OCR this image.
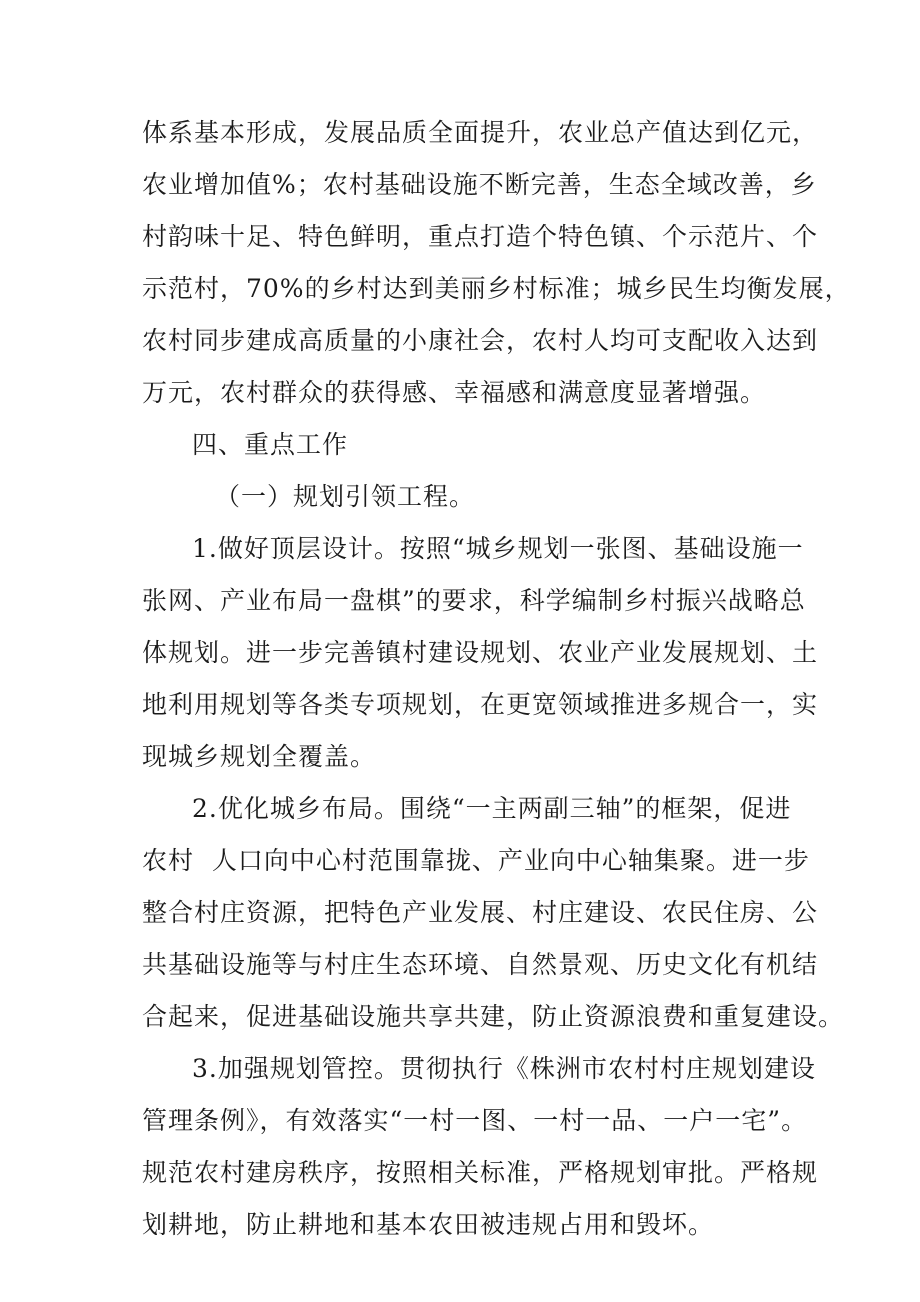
体系基本形成，发展品质全面提升，农业总产值达到亿元，
农业增加值%；农村基础设施不断完善，生态全域改善，乡
村韵味十足、特色鲜明，重点打造个特色镇、个示范片、个
示范村，70%的乡村达到美丽乡村标准；城乡民生均衡发展，
农村同步建成高质量的小康社会，农村人均可支配收入达到
万元，农村群众的获得感、幸福感和满意度显著增强。
四、重点工作
（一）规划引领工程。
1.做好顶层设计。按照“城乡规划一张图、基础设施一
张网、产业布局一盘棋”的要求，科学编制乡村振兴战略总
体规划。进一步完善镇村建设规划、农业产业发展规划、土
地利用规划等各类专项规划，在更宽领域推进多规合一，实
现城乡规划全覆盖。
2.优化城乡布局。围绕“一主两副三轴”的框架，促进
农村  人口向中心村范围靠拢、产业向中心轴集聚。进一步
整合村庄资源，把特色产业发展、村庄建设、农民住房、公
共基础设施等与村庄生态环境、自然景观、历史文化有机结
合起来，促进基础设施共享共建，防止资源浪费和重复建设。
3.加强规划管控。贯彻执行《株洲市农村村庄规划建设
管理条例》，有效落实“一村一图、一村一品、一户一宅”。
规范农村建房秩序，按照相关标准，严格规划审批。严格规
划耕地，防止耕地和基本农田被违规占用和毁坏。
